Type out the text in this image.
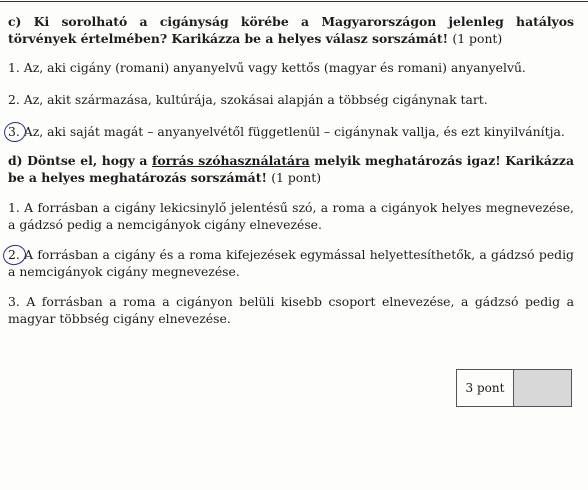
c) Ki sorolható a cigányság körébe a Magyarországon jelenleg hatályos törvények értelmében? Karikázza be a helyes válasz sorszámát! (1 pont)

1. Az, aki cigány (romani) anyanyelvű vagy kettős (magyar és romani) anyanyelvű.

2. Az, akit származása, kultúrája, szokásai alapján a többség cigánynak tart.

3. Az, aki saját magát – anyanyelvétől függetlenül – cigánynak vallja, és ezt kinyilvánítja.

d) Döntse el, hogy a forrás szóhasználatára melyik meghatározás igaz! Karikázza be a helyes meghatározás sorszámát! (1 pont)

1. A forrásban a cigány lekicsinylő jelentésű szó, a roma a cigányok helyes megnevezése, a gádzsó pedig a nemcigányok cigány elnevezése.

2. A forrásban a cigány és a roma kifejezések egymással helyettesíthetők, a gádzsó pedig a nemcigányok cigány megnevezése.

3. A forrásban a roma a cigányon belüli kisebb csoport elnevezése, a gádzsó pedig a magyar többség cigány elnevezése.

3 pont
